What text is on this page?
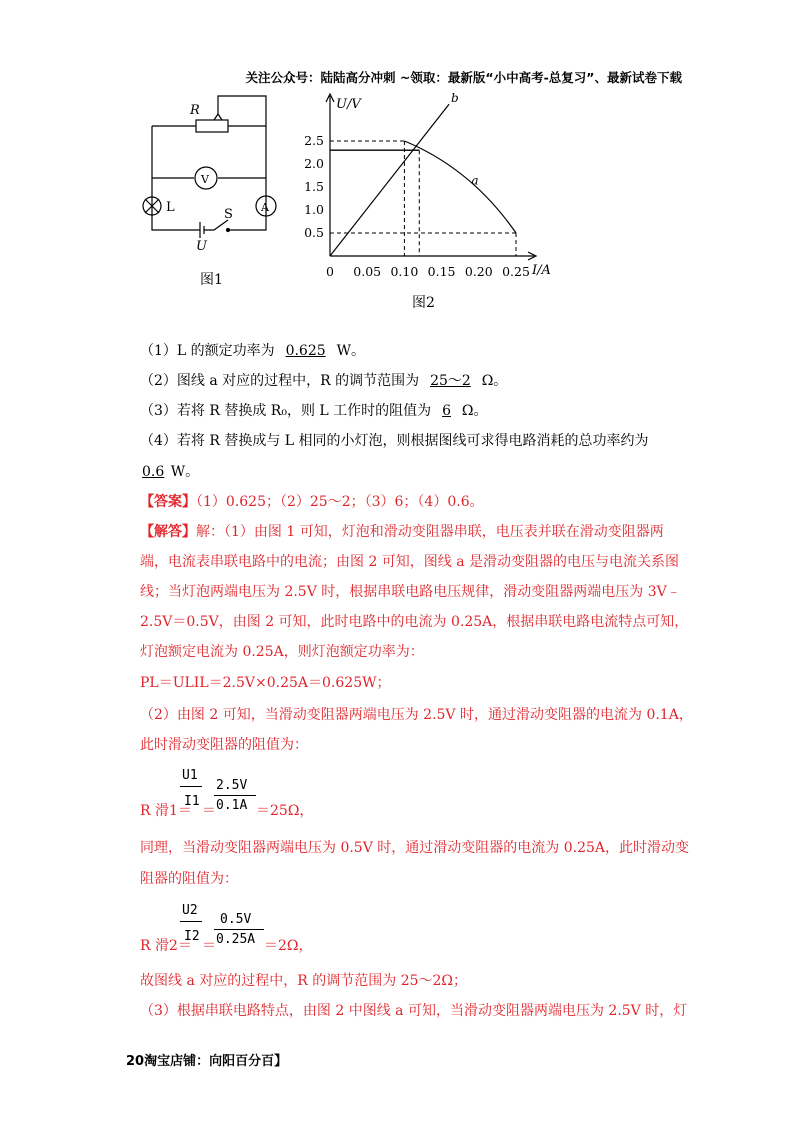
关注公众号：陆陆高分冲刺 ~领取：最新版“小中高考-总复习”、最新试卷下载
R
V
L	A
S
U
图1
U/V
I/A
0 0.05 0.10 0.15 0.20 0.25
0.5
1.0
1.5
2.0
2.5
a
b
图2
（1）L 的额定功率为 0.625 W。
（2）图线 a 对应的过程中，R 的调节范围为 25～2 Ω。
（3）若将 R 替换成 R₀，则 L 工作时的阻值为 6 Ω。
（4）若将 R 替换成与 L 相同的小灯泡，则根据图线可求得电路消耗的总功率约为
0.6 W。
【答案】（1）0.625；（2）25～2；（3）6；（4）0.6。
【解答】解：（1）由图 1 可知，灯泡和滑动变阻器串联，电压表并联在滑动变阻器两
端，电流表串联电路中的电流；由图 2 可知，图线 a 是滑动变阻器的电压与电流关系图
线；当灯泡两端电压为 2.5V 时，根据串联电路电压规律，滑动变阻器两端电压为 3V﹣
2.5V＝0.5V，由图 2 可知，此时电路中的电流为 0.25A，根据串联电路电流特点可知，
灯泡额定电流为 0.25A，则灯泡额定功率为：
PL＝ULIL＝2.5V×0.25A＝0.625W；
（2）由图 2 可知，当滑动变阻器两端电压为 2.5V 时，通过滑动变阻器的电流为 0.1A，
此时滑动变阻器的阻值为：
U1
I1
2.5V
0.1A
R 滑1＝ ＝	＝25Ω，
同理，当滑动变阻器两端电压为 0.5V 时，通过滑动变阻器的电流为 0.25A，此时滑动变
阻器的阻值为：
U2
I2
0.5V
0.25A
R 滑2＝ ＝	＝2Ω，
故图线 a 对应的过程中，R 的调节范围为 25～2Ω；
（3）根据串联电路特点，由图 2 中图线 a 可知，当滑动变阻器两端电压为 2.5V 时，灯
20淘宝店铺：向阳百分百】
